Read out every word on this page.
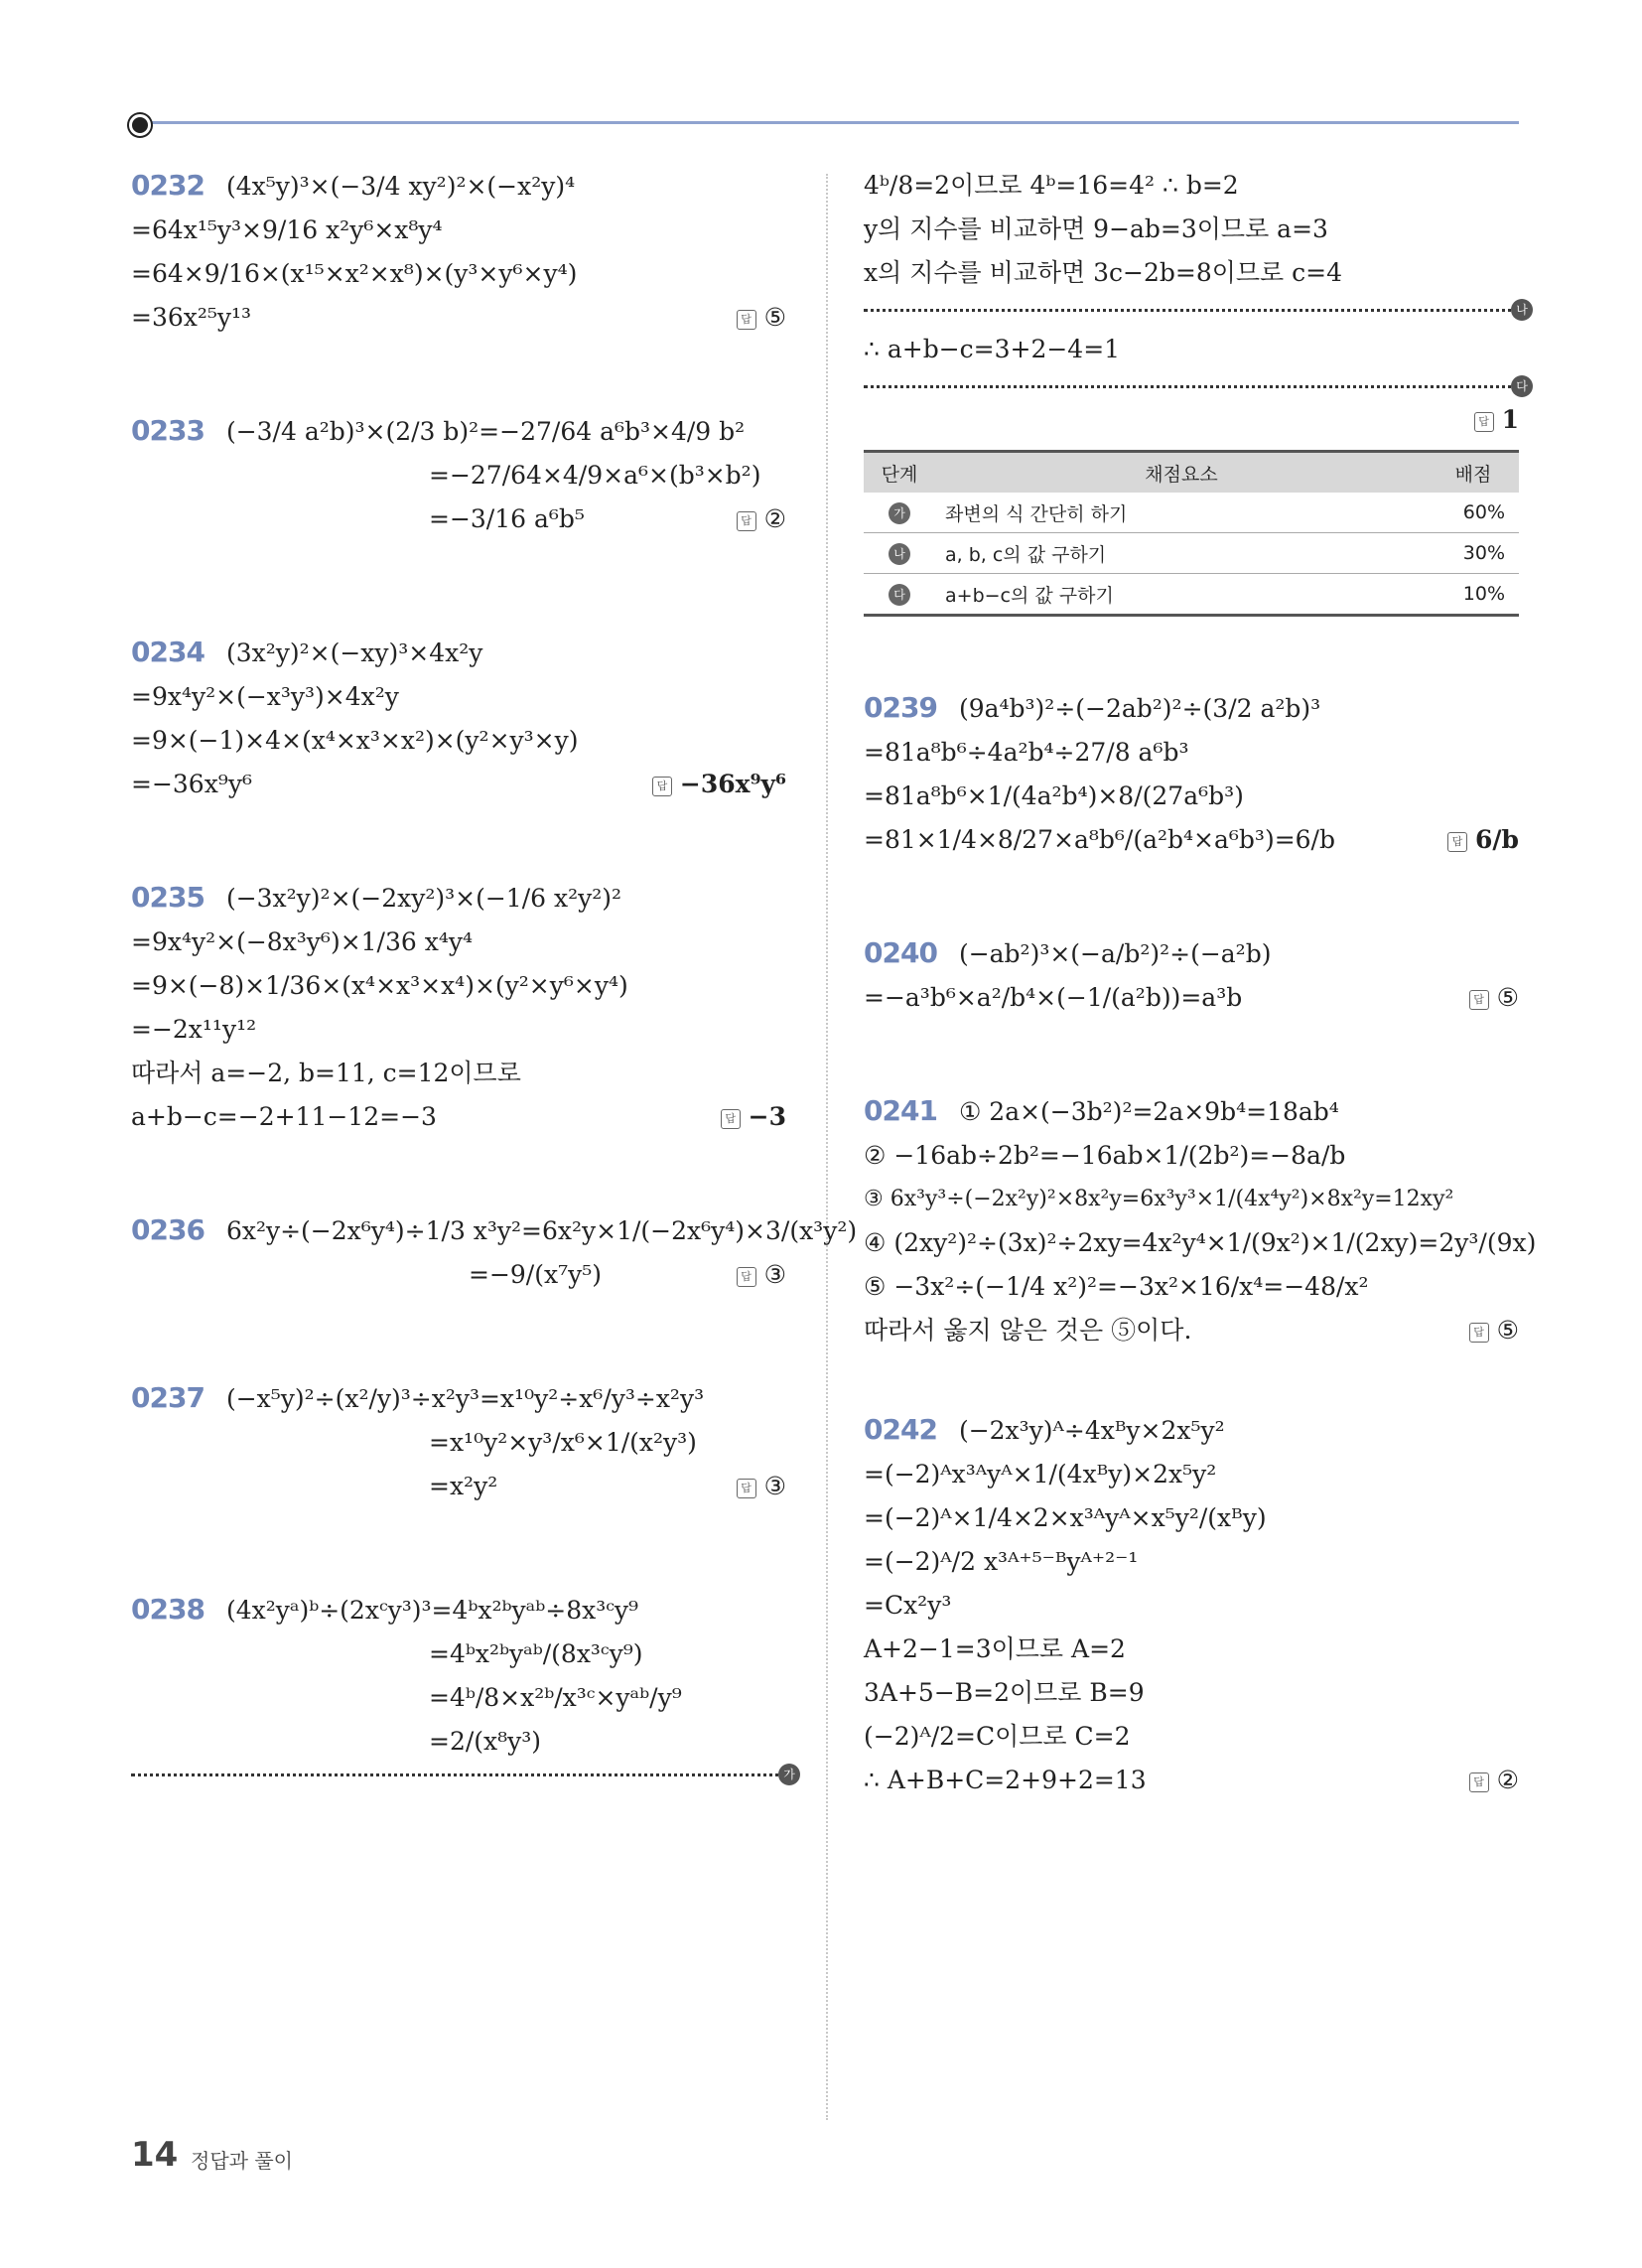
0232 (4x⁵y)³×(−3/4 xy²)²×(−x²y)⁴
=64x¹⁵y³×9/16 x²y⁶×x⁸y⁴
=64×9/16×(x¹⁵×x²×x⁸)×(y³×y⁶×y⁴)
=36x²⁵y¹³	답 ⑤
0233 (−3/4 a²b)³×(2/3 b)²=−27/64 a⁶b³×4/9 b²
=−27/64×4/9×a⁶×(b³×b²)
=−3/16 a⁶b⁵	답 ②
0234 (3x²y)²×(−xy)³×4x²y
=9x⁴y²×(−x³y³)×4x²y
=9×(−1)×4×(x⁴×x³×x²)×(y²×y³×y)
=−36x⁹y⁶	답 −36x⁹y⁶
0235 (−3x²y)²×(−2xy²)³×(−1/6 x²y²)²
=9x⁴y²×(−8x³y⁶)×1/36 x⁴y⁴
=9×(−8)×1/36×(x⁴×x³×x⁴)×(y²×y⁶×y⁴)
=−2x¹¹y¹²
따라서 a=−2, b=11, c=12이므로
a+b−c=−2+11−12=−3	답 −3
0236 6x²y÷(−2x⁶y⁴)÷1/3 x³y²=6x²y×1/(−2x⁶y⁴)×3/(x³y²)
=−9/(x⁷y⁵)	답 ③
0237 (−x⁵y)²÷(x²/y)³÷x²y³=x¹⁰y²÷x⁶/y³÷x²y³
=x¹⁰y²×y³/x⁶×1/(x²y³)
=x²y²	답 ③
0238 (4x²yᵃ)ᵇ÷(2xᶜy³)³=4ᵇx²ᵇyᵃᵇ÷8x³ᶜy⁹
=4ᵇx²ᵇyᵃᵇ/(8x³ᶜy⁹)
=4ᵇ/8×x²ᵇ/x³ᶜ×yᵃᵇ/y⁹
=2/(x⁸y³)
가
4ᵇ/8=2이므로 4ᵇ=16=4² ∴ b=2
y의 지수를 비교하면 9−ab=3이므로 a=3
x의 지수를 비교하면 3c−2b=8이므로 c=4
나
∴ a+b−c=3+2−4=1
다
답 1
단계	채점요소	배점
가	좌변의 식 간단히 하기	60%
나	a, b, c의 값 구하기	30%
다	a+b−c의 값 구하기	10%
0239 (9a⁴b³)²÷(−2ab²)²÷(3/2 a²b)³
=81a⁸b⁶÷4a²b⁴÷27/8 a⁶b³
=81a⁸b⁶×1/(4a²b⁴)×8/(27a⁶b³)
=81×1/4×8/27×a⁸b⁶/(a²b⁴×a⁶b³)=6/b	답 6/b
0240 (−ab²)³×(−a/b²)²÷(−a²b)
=−a³b⁶×a²/b⁴×(−1/(a²b))=a³b	답 ⑤
0241 ① 2a×(−3b²)²=2a×9b⁴=18ab⁴
② −16ab÷2b²=−16ab×1/(2b²)=−8a/b
③ 6x³y³÷(−2x²y)²×8x²y=6x³y³×1/(4x⁴y²)×8x²y=12xy²
④ (2xy²)²÷(3x)²÷2xy=4x²y⁴×1/(9x²)×1/(2xy)=2y³/(9x)
⑤ −3x²÷(−1/4 x²)²=−3x²×16/x⁴=−48/x²
따라서 옳지 않은 것은 ⑤이다.	답 ⑤
0242 (−2x³y)ᴬ÷4xᴮy×2x⁵y²
=(−2)ᴬx³ᴬyᴬ×1/(4xᴮy)×2x⁵y²
=(−2)ᴬ×1/4×2×x³ᴬyᴬ×x⁵y²/(xᴮy)
=(−2)ᴬ/2 x³ᴬ⁺⁵⁻ᴮyᴬ⁺²⁻¹
=Cx²y³
A+2−1=3이므로 A=2
3A+5−B=2이므로 B=9
(−2)ᴬ/2=C이므로 C=2
∴ A+B+C=2+9+2=13	답 ②
14 정답과 풀이
